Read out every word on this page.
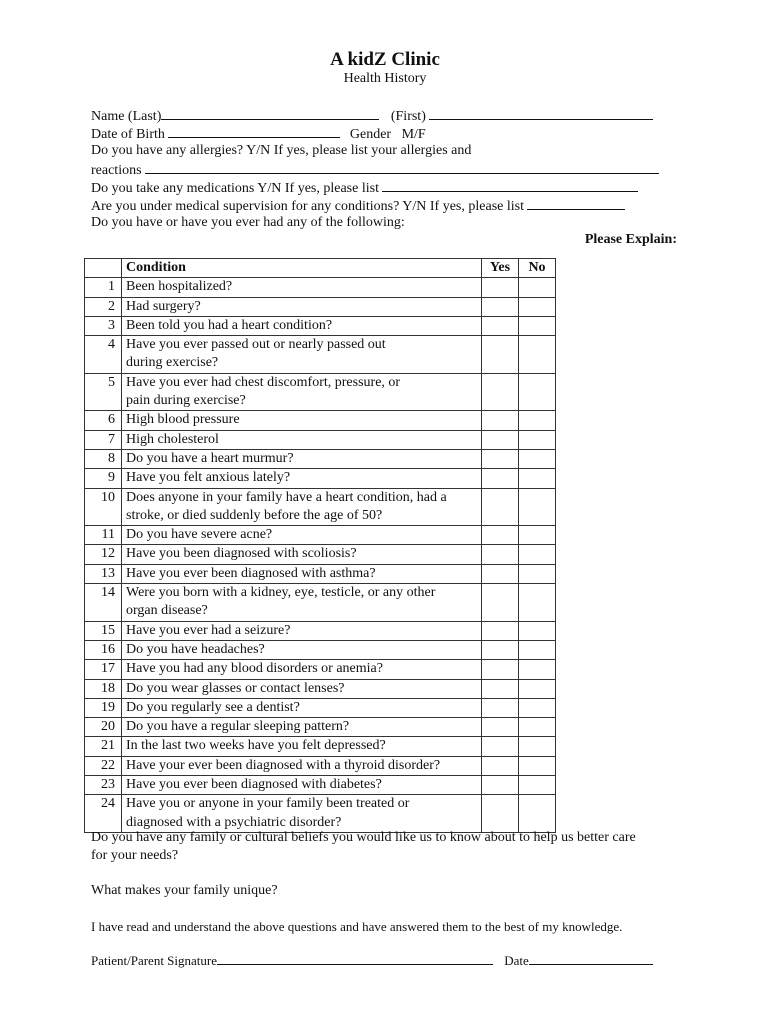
A kidZ Clinic
Health History
Name (Last)	(First)
Date of Birth	Gender   M/F
Do you have any allergies? Y/N If yes, please list your allergies and
reactions
Do you take any medications Y/N If yes, please list
Are you under medical supervision for any conditions? Y/N If yes, please list
Do you have or have you ever had any of the following:
Please Explain:
	Condition	Yes	No
1	Been hospitalized?		

2	Had surgery?		

3	Been told you had a heart condition?		

4	Have you ever passed out or nearly passed out
during exercise?		

5	Have you ever had chest discomfort, pressure, or
pain during exercise?		

6	High blood pressure		

7	High cholesterol		

8	Do you have a heart murmur?		

9	Have you felt anxious lately?		

10	Does anyone in your family have a heart condition, had a
stroke, or died suddenly before the age of 50?		

11	Do you have severe acne?		

12	Have you been diagnosed with scoliosis?		

13	Have you ever been diagnosed with asthma?		

14	Were you born with a kidney, eye, testicle, or any other
organ disease?		

15	Have you ever had a seizure?		

16	Do you have headaches?		

17	Have you had any blood disorders or anemia?		

18	Do you wear glasses or contact lenses?		

19	Do you regularly see a dentist?		

20	Do you have a regular sleeping pattern?		

21	In the last two weeks have you felt depressed?		

22	Have your ever been diagnosed with a thyroid disorder?		

23	Have you ever been diagnosed with diabetes?		

24	Have you or anyone in your family been treated or
diagnosed with a psychiatric disorder?		

Do you have any family or cultural beliefs you would like us to know about to help us better care
for your needs?
What makes your family unique?
I have read and understand the above questions and have answered them to the best of my knowledge.
Patient/Parent Signature	Date
